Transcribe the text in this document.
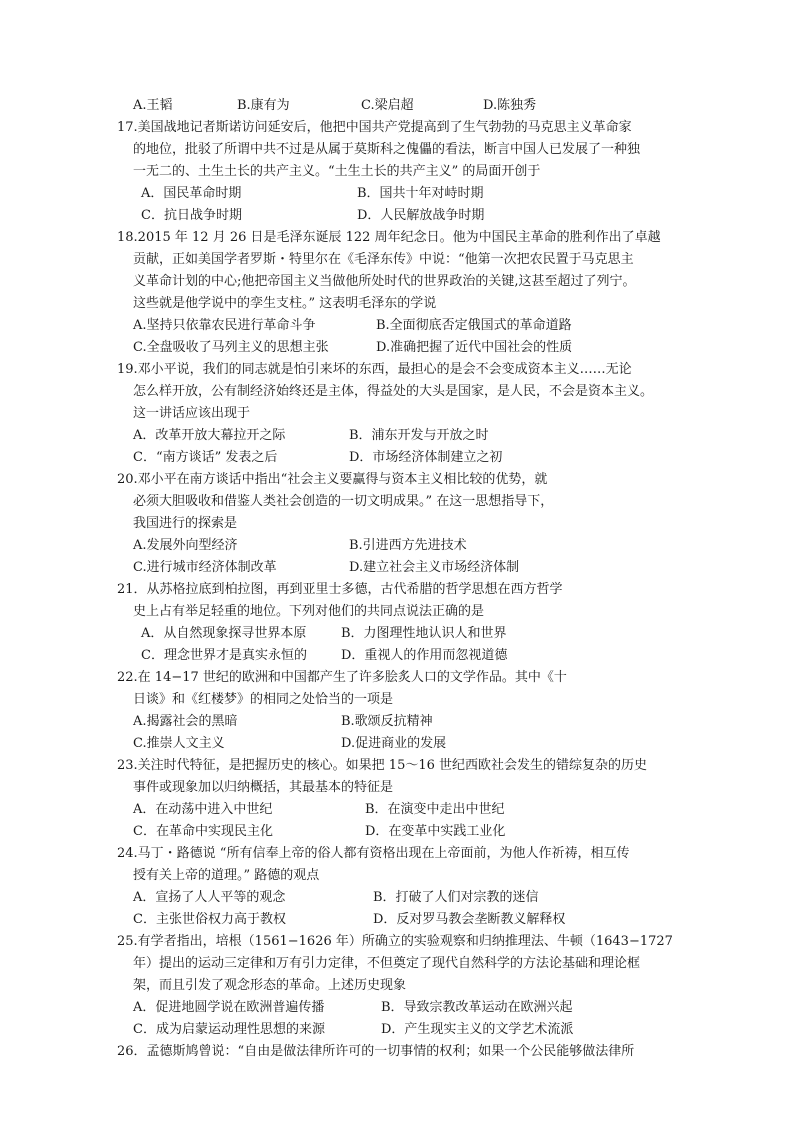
A.王韬	B.康有为	C.梁启超	D.陈独秀
17.美国战地记者斯诺访问延安后，他把中国共产党提高到了生气勃勃的马克思主义革命家
的地位，批驳了所谓中共不过是从属于莫斯科之傀儡的看法，断言中国人已发展了一种独
一无二的、土生土长的共产主义。“土生土长的共产主义” 的局面开创于
A．国民革命时期	B．国共十年对峙时期
C．抗日战争时期	D．人民解放战争时期
18.2015 年 12 月 26 日是毛泽东诞辰 122 周年纪念日。他为中国民主革命的胜利作出了卓越
贡献，正如美国学者罗斯・特里尔在《毛泽东传》中说：“他第一次把农民置于马克思主
义革命计划的中心;他把帝国主义当做他所处时代的世界政治的关键,这甚至超过了列宁。
这些就是他学说中的孪生支柱。” 这表明毛泽东的学说
A.坚持只依靠农民进行革命斗争	B.全面彻底否定俄国式的革命道路
C.全盘吸收了马列主义的思想主张	D.准确把握了近代中国社会的性质
19.邓小平说，我们的同志就是怕引来坏的东西，最担心的是会不会变成资本主义……无论
怎么样开放，公有制经济始终还是主体，得益处的大头是国家，是人民，不会是资本主义。
这一讲话应该出现于
A．改革开放大幕拉开之际	B．浦东开发与开放之时
C．“南方谈话” 发表之后	D．市场经济体制建立之初
20.邓小平在南方谈话中指出“社会主义要赢得与资本主义相比较的优势，就
必须大胆吸收和借鉴人类社会创造的一切文明成果。” 在这一思想指导下，
我国进行的探索是
A.发展外向型经济	B.引进西方先进技术
C.进行城市经济体制改革	D.建立社会主义市场经济体制
21．从苏格拉底到柏拉图，再到亚里士多德，古代希腊的哲学思想在西方哲学
史上占有举足轻重的地位。下列对他们的共同点说法正确的是
A．从自然现象探寻世界本原	B．力图理性地认识人和世界
C．理念世界才是真实永恒的	D．重视人的作用而忽视道德
22.在 14−17 世纪的欧洲和中国都产生了许多脍炙人口的文学作品。其中《十
日谈》和《红楼梦》的相同之处恰当的一项是
A.揭露社会的黑暗	B.歌颂反抗精神
C.推崇人文主义	D.促进商业的发展
23.关注时代特征，是把握历史的核心。如果把 15～16 世纪西欧社会发生的错综复杂的历史
事件或现象加以归纳概括，其最基本的特征是
A．在动荡中进入中世纪	B．在演变中走出中世纪
C．在革命中实现民主化	D．在变革中实践工业化
24.马丁・路德说 “所有信奉上帝的俗人都有资格出现在上帝面前，为他人作祈祷，相互传
授有关上帝的道理。” 路德的观点
A．宣扬了人人平等的观念	B．打破了人们对宗教的迷信
C．主张世俗权力高于教权	D．反对罗马教会垄断教义解释权
25.有学者指出，培根（1561−1626 年）所确立的实验观察和归纳推理法、牛顿（1643−1727
年）提出的运动三定律和万有引力定律，不但奠定了现代自然科学的方法论基础和理论框
架，而且引发了观念形态的革命。上述历史现象
A．促进地圆学说在欧洲普遍传播	B．导致宗教改革运动在欧洲兴起
C．成为启蒙运动理性思想的来源	D．产生现实主义的文学艺术流派
26．孟德斯鸠曾说：“自由是做法律所许可的一切事情的权利；如果一个公民能够做法律所
